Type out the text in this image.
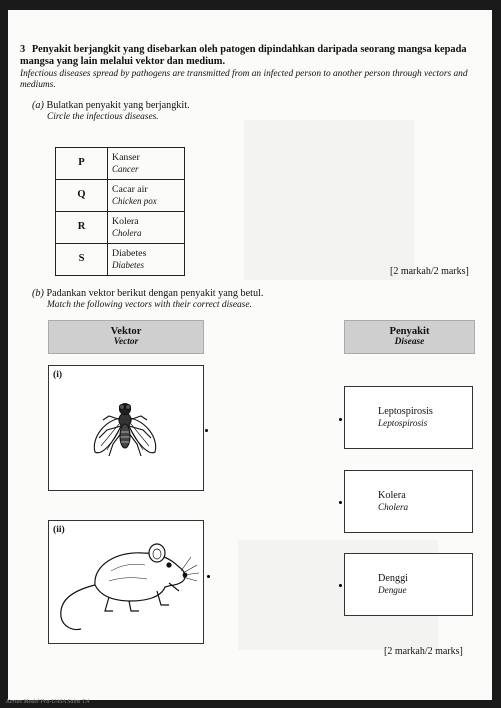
3 Penyakit berjangkit yang disebarkan oleh patogen dipindahkan daripada seorang mangsa kepada mangsa yang lain melalui vektor dan medium.
Infectious diseases spread by pathogens are transmitted from an infected person to another person through vectors and mediums.
(a) Bulatkan penyakit yang berjangkit.
Circle the infectious diseases.
P	Kanser
Cancer

Q	Cacar air
Chicken pox

R	Kolera
Cholera

S	Diabetes
Diabetes
[2 markah/2 marks]
(b) Padankan vektor berikut dengan penyakit yang betul.
Match the following vectors with their correct disease.
Vektor
Vector
Penyakit
Disease
(i)
(ii)
Leptospirosis
Leptospirosis
Kolera
Cholera
Denggi
Dengue
[2 markah/2 marks]
Kertas Model Pra-UASA Sains T.4
